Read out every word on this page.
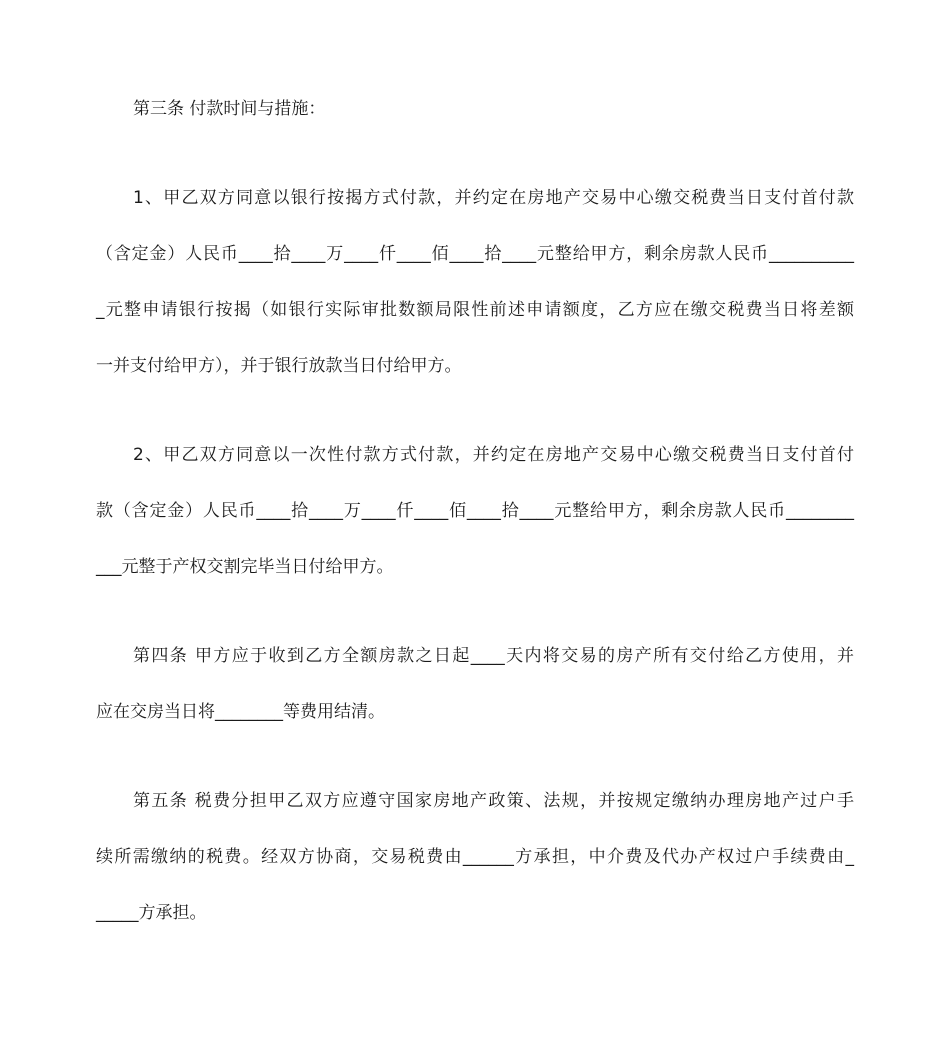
第三条 付款时间与措施：
1、甲乙双方同意以银行按揭方式付款，并约定在房地产交易中心缴交税费当日支付首付款
（含定金）人民币____拾____万____仟____佰____拾____元整给甲方，剩余房款人民币__________
_元整申请银行按揭（如银行实际审批数额局限性前述申请额度，乙方应在缴交税费当日将差额
一并支付给甲方），并于银行放款当日付给甲方。
2、甲乙双方同意以一次性付款方式付款，并约定在房地产交易中心缴交税费当日支付首付
款（含定金）人民币____拾____万____仟____佰____拾____元整给甲方，剩余房款人民币________
___元整于产权交割完毕当日付给甲方。
第四条 甲方应于收到乙方全额房款之日起____天内将交易的房产所有交付给乙方使用，并
应在交房当日将________等费用结清。
第五条 税费分担甲乙双方应遵守国家房地产政策、法规，并按规定缴纳办理房地产过户手
续所需缴纳的税费。经双方协商，交易税费由______方承担，中介费及代办产权过户手续费由_
_____方承担。
